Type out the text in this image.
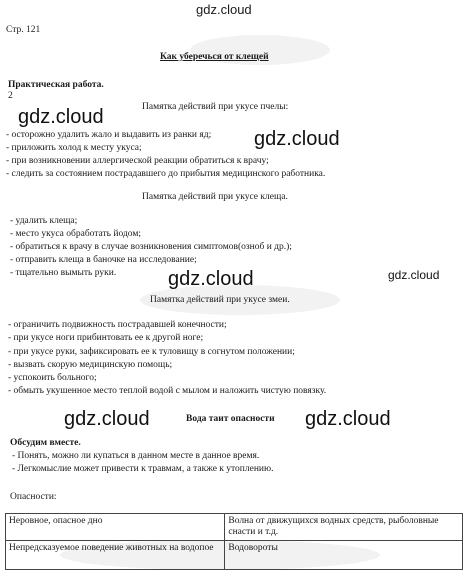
gdz.cloud
Стр. 121
Как уберечься от клещей
Практическая работа.
2
Памятка действий при укусе пчелы:
- осторожно удалить жало и выдавить из ранки яд;
- приложить холод к месту укуса;
- при возникновении аллергической реакции обратиться к врачу;
- следить за состоянием пострадавшего до прибытия медицинского работника.
Памятка действий при укусе клеща.
- удалить клеща;
- место укуса обработать йодом;
- обратиться к врачу в случае возникновения симптомов(озноб и др.);
- отправить клеща в баночке на исследование;
- тщательно вымыть руки.
Памятка действий при укусе змеи.
- ограничить подвижность пострадавшей конечности;
- при укусе ноги прибинтовать ее к другой ноге;
- при укусе руки, зафиксировать ее к туловищу в согнутом положении;
- вызвать скорую медицинскую помощь;
- успокоить больного;
- обмыть укушенное место теплой водой с мылом и наложить чистую повязку.
Вода таит опасности
Обсудим вместе.
- Понять, можно ли купаться в данном месте в данное время.
- Легкомыслие может привести к травмам, а также к утоплению.
Опасности:
Неровное, опасное дно	Волна от движущихся водных средств, рыболовные снасти и т.д.
Непредсказуемое поведение животных на водопое	Водовороты
gdz.cloud
gdz.cloud
gdz.cloud	gdz.cloud
gdz.cloud	gdz.cloud
